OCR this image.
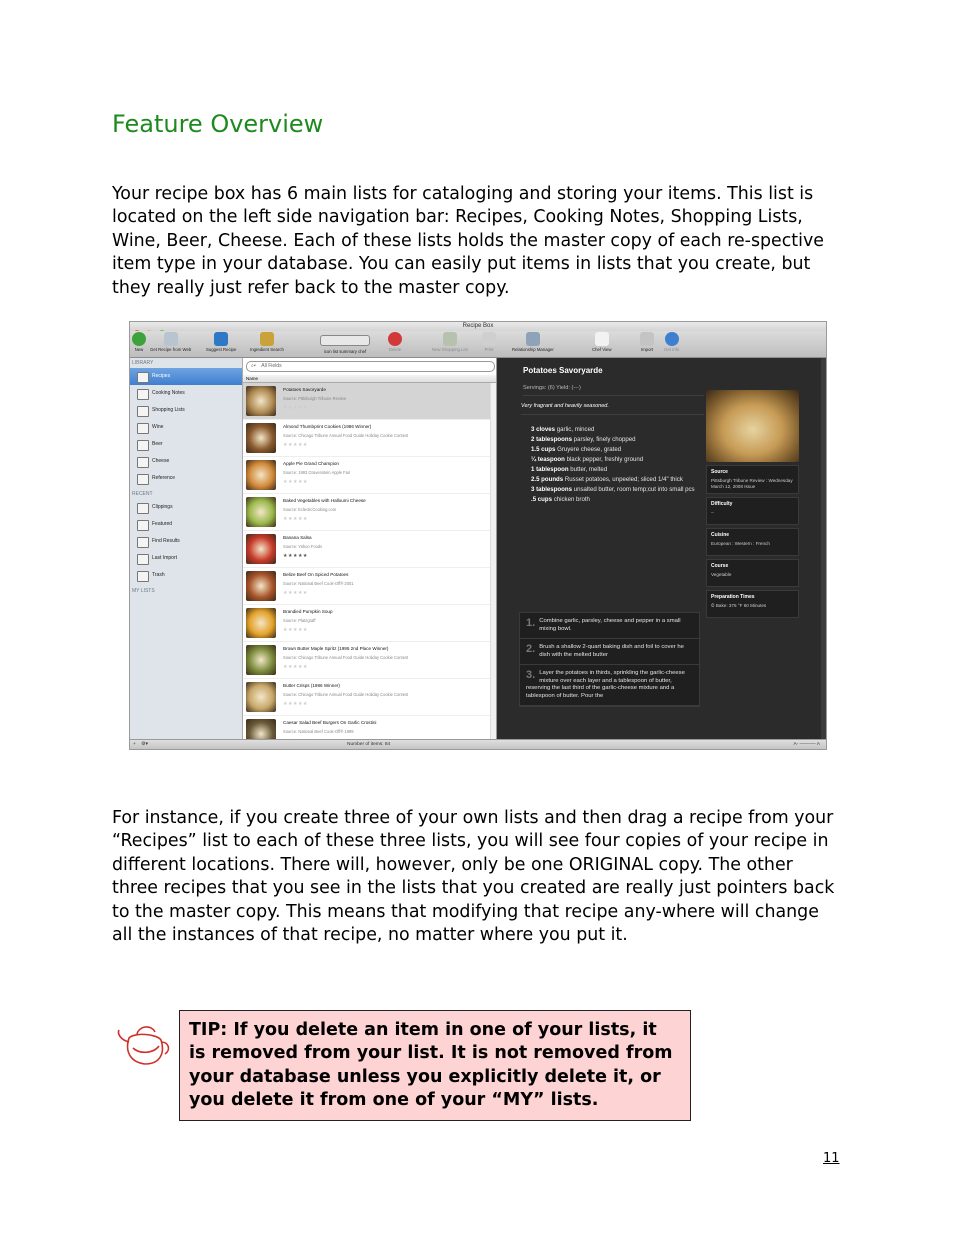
Feature Overview
Your recipe box has 6 main lists for cataloging and storing your items. This list is located on the left side navigation bar: Recipes, Cooking Notes, Shopping Lists, Wine, Beer, Cheese. Each of these lists holds the master copy of each re-spective item type in your database. You can easily put items in lists that you create, but they really just refer back to the master copy.

Recipe Box
New	Get Recipe from Web	Suggest Recipe	Ingredient Search	icon list summary chef	Delete	New Shopping List	Print	Relationship Manager	Chef View	Import	Get Info
LIBRARY
Recipes
Cooking Notes
Shopping Lists
Wine
Beer
Cheese
Reference
RECENT
Clippings
Featured
Find Results
Last Import
Trash
MY LISTS
⌕▾ All Fields
Name
Potatoes Savoryarde
Source: Pittsburgh Tribune Review
★★★★★
Almond Thumbprint Cookies (1986 Winner)
Source: Chicago Tribune Annual Food Guide Holiday Cookie Contest
★★★★★
Apple Pie Grand Champion
Source: 1993 Gravenstein Apple Fair
★★★★★
Baked Vegetables with Halloumi Cheese
Source: EclecticCooking.com
★★★★★
Banana Salsa
Source: Yahoo Foods
★★★★★
Belize Beef On Spiced Potatoes
Source: National Beef Cook-Off® 2001
★★★★★
Brandied Pumpkin Soup
Source: Platzgraff
★★★★★
Brown Butter Maple Spritz (1995 2nd Place Winner)
Source: Chicago Tribune Annual Food Guide Holiday Cookie Contest
★★★★★
Butter Crisps (1986 Winner)
Source: Chicago Tribune Annual Food Guide Holiday Cookie Contest
★★★★★
Caesar Salad Beef Burgers On Garlic Crostini
Source: National Beef Cook-Off® 1999
Potatoes Savoryarde
Servings: (6) Yield: (---)
Very fragrant and heavily seasoned.
3 cloves garlic, minced
2 tablespoons parsley, finely chopped
1.5 cups Gruyere cheese, grated
¼ teaspoon black pepper, freshly ground
1 tablespoon butter, melted
2.5 pounds Russet potatoes, unpeeled; sliced 1/4" thick
3 tablespoons unsalted butter, room temp;cut into small pcs
.5 cups chicken broth
1. Combine garlic, parsley, cheese and pepper in a small mixing bowl.
2. Brush a shallow 2-quart baking dish and foil to cover he dish with the melted butter
3. Layer the potatoes in thirds, sprinkling the garlic-cheese mixture over each layer and a tablespoon of butter, reserving the last third of the garlic-cheese mixture and a tablespoon of butter. Pour the
Source
Pittsburgh Tribune Review : Wednesday March 12, 2008 Issue
Difficulty
--
Cuisine
European : Western : French
Course
Vegetable
Preparation Times
⏲ Bake: 375 °F 60 Minutes
+ ⚙▾	Number of items: 84	A‑ ——◦— A
For instance, if you create three of your own lists and then drag a recipe from your “Recipes” list to each of these three lists, you will see four copies of your recipe in different locations. There will, however, only be one ORIGINAL copy. The other three recipes that you see in the lists that you created are really just pointers back to the master copy. This means that modifying that recipe any-where will change all the instances of that recipe, no matter where you put it.
TIP: If you delete an item in one of your lists, it is removed from your list. It is not removed from your database unless you explicitly delete it, or you delete it from one of your “MY” lists.
11
